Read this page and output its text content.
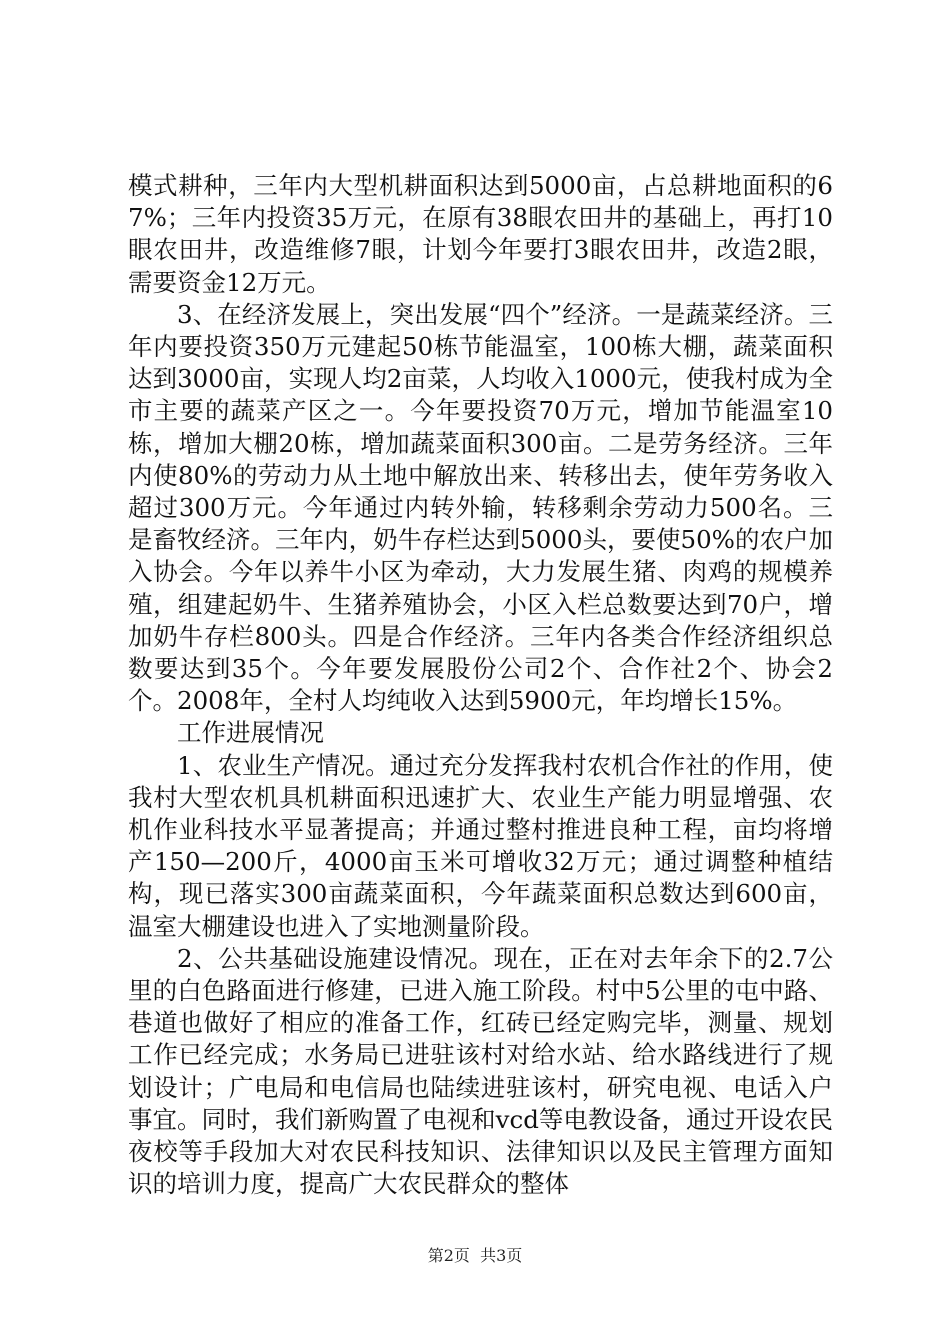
模式耕种，三年内大型机耕面积达到5000亩，占总耕地面积的67%；三年内投资35万元，在原有38眼农田井的基础上，再打10眼农田井，改造维修7眼，计划今年要打3眼农田井，改造2眼，需要资金12万元。

3、在经济发展上，突出发展“四个”经济。一是蔬菜经济。三年内要投资350万元建起50栋节能温室，100栋大棚，蔬菜面积达到3000亩，实现人均2亩菜，人均收入1000元，使我村成为全市主要的蔬菜产区之一。今年要投资70万元，增加节能温室10栋，增加大棚20栋，增加蔬菜面积300亩。二是劳务经济。三年内使80%的劳动力从土地中解放出来、转移出去，使年劳务收入超过300万元。今年通过内转外输，转移剩余劳动力500名。三是畜牧经济。三年内，奶牛存栏达到5000头，要使50%的农户加入协会。今年以养牛小区为牵动，大力发展生猪、肉鸡的规模养殖，组建起奶牛、生猪养殖协会，小区入栏总数要达到70户，增加奶牛存栏800头。四是合作经济。三年内各类合作经济组织总数要达到35个。今年要发展股份公司2个、合作社2个、协会2个。2008年，全村人均纯收入达到5900元，年均增长15%。

工作进展情况

1、农业生产情况。通过充分发挥我村农机合作社的作用，使我村大型农机具机耕面积迅速扩大、农业生产能力明显增强、农机作业科技水平显著提高；并通过整村推进良种工程，亩均将增产150—200斤，4000亩玉米可增收32万元；通过调整种植结构，现已落实300亩蔬菜面积，今年蔬菜面积总数达到600亩，温室大棚建设也进入了实地测量阶段。

2、公共基础设施建设情况。现在，正在对去年余下的2.7公里的白色路面进行修建，已进入施工阶段。村中5公里的屯中路、巷道也做好了相应的准备工作，红砖已经定购完毕，测量、规划工作已经完成；水务局已进驻该村对给水站、给水路线进行了规划设计；广电局和电信局也陆续进驻该村，研究电视、电话入户事宜。同时，我们新购置了电视和vcd等电教设备，通过开设农民夜校等手段加大对农民科技知识、法律知识以及民主管理方面知识的培训力度，提高广大农民群众的整体

第2页  共3页
